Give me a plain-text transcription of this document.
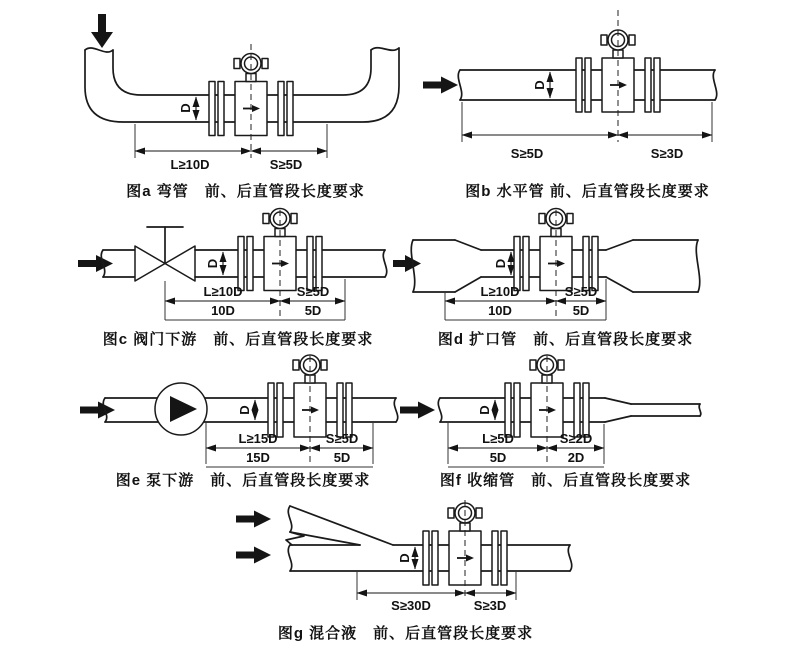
D
L≥10D	S≥5D
图a 弯管　前、后直管段长度要求
D
S≥5D	S≥3D
图b 水平管 前、后直管段长度要求
D
L≥10D	S≥5D
10D	5D
图c 阀门下游　前、后直管段长度要求
D
L≥10D	S≥5D
10D	5D
图d 扩口管　前、后直管段长度要求
D
L≥15D	S≥5D
15D	5D
图e 泵下游　前、后直管段长度要求
D
L≥5D	S≥2D
5D	2D
图f 收缩管　前、后直管段长度要求
D
S≥30D	S≥3D
图g 混合液　前、后直管段长度要求
